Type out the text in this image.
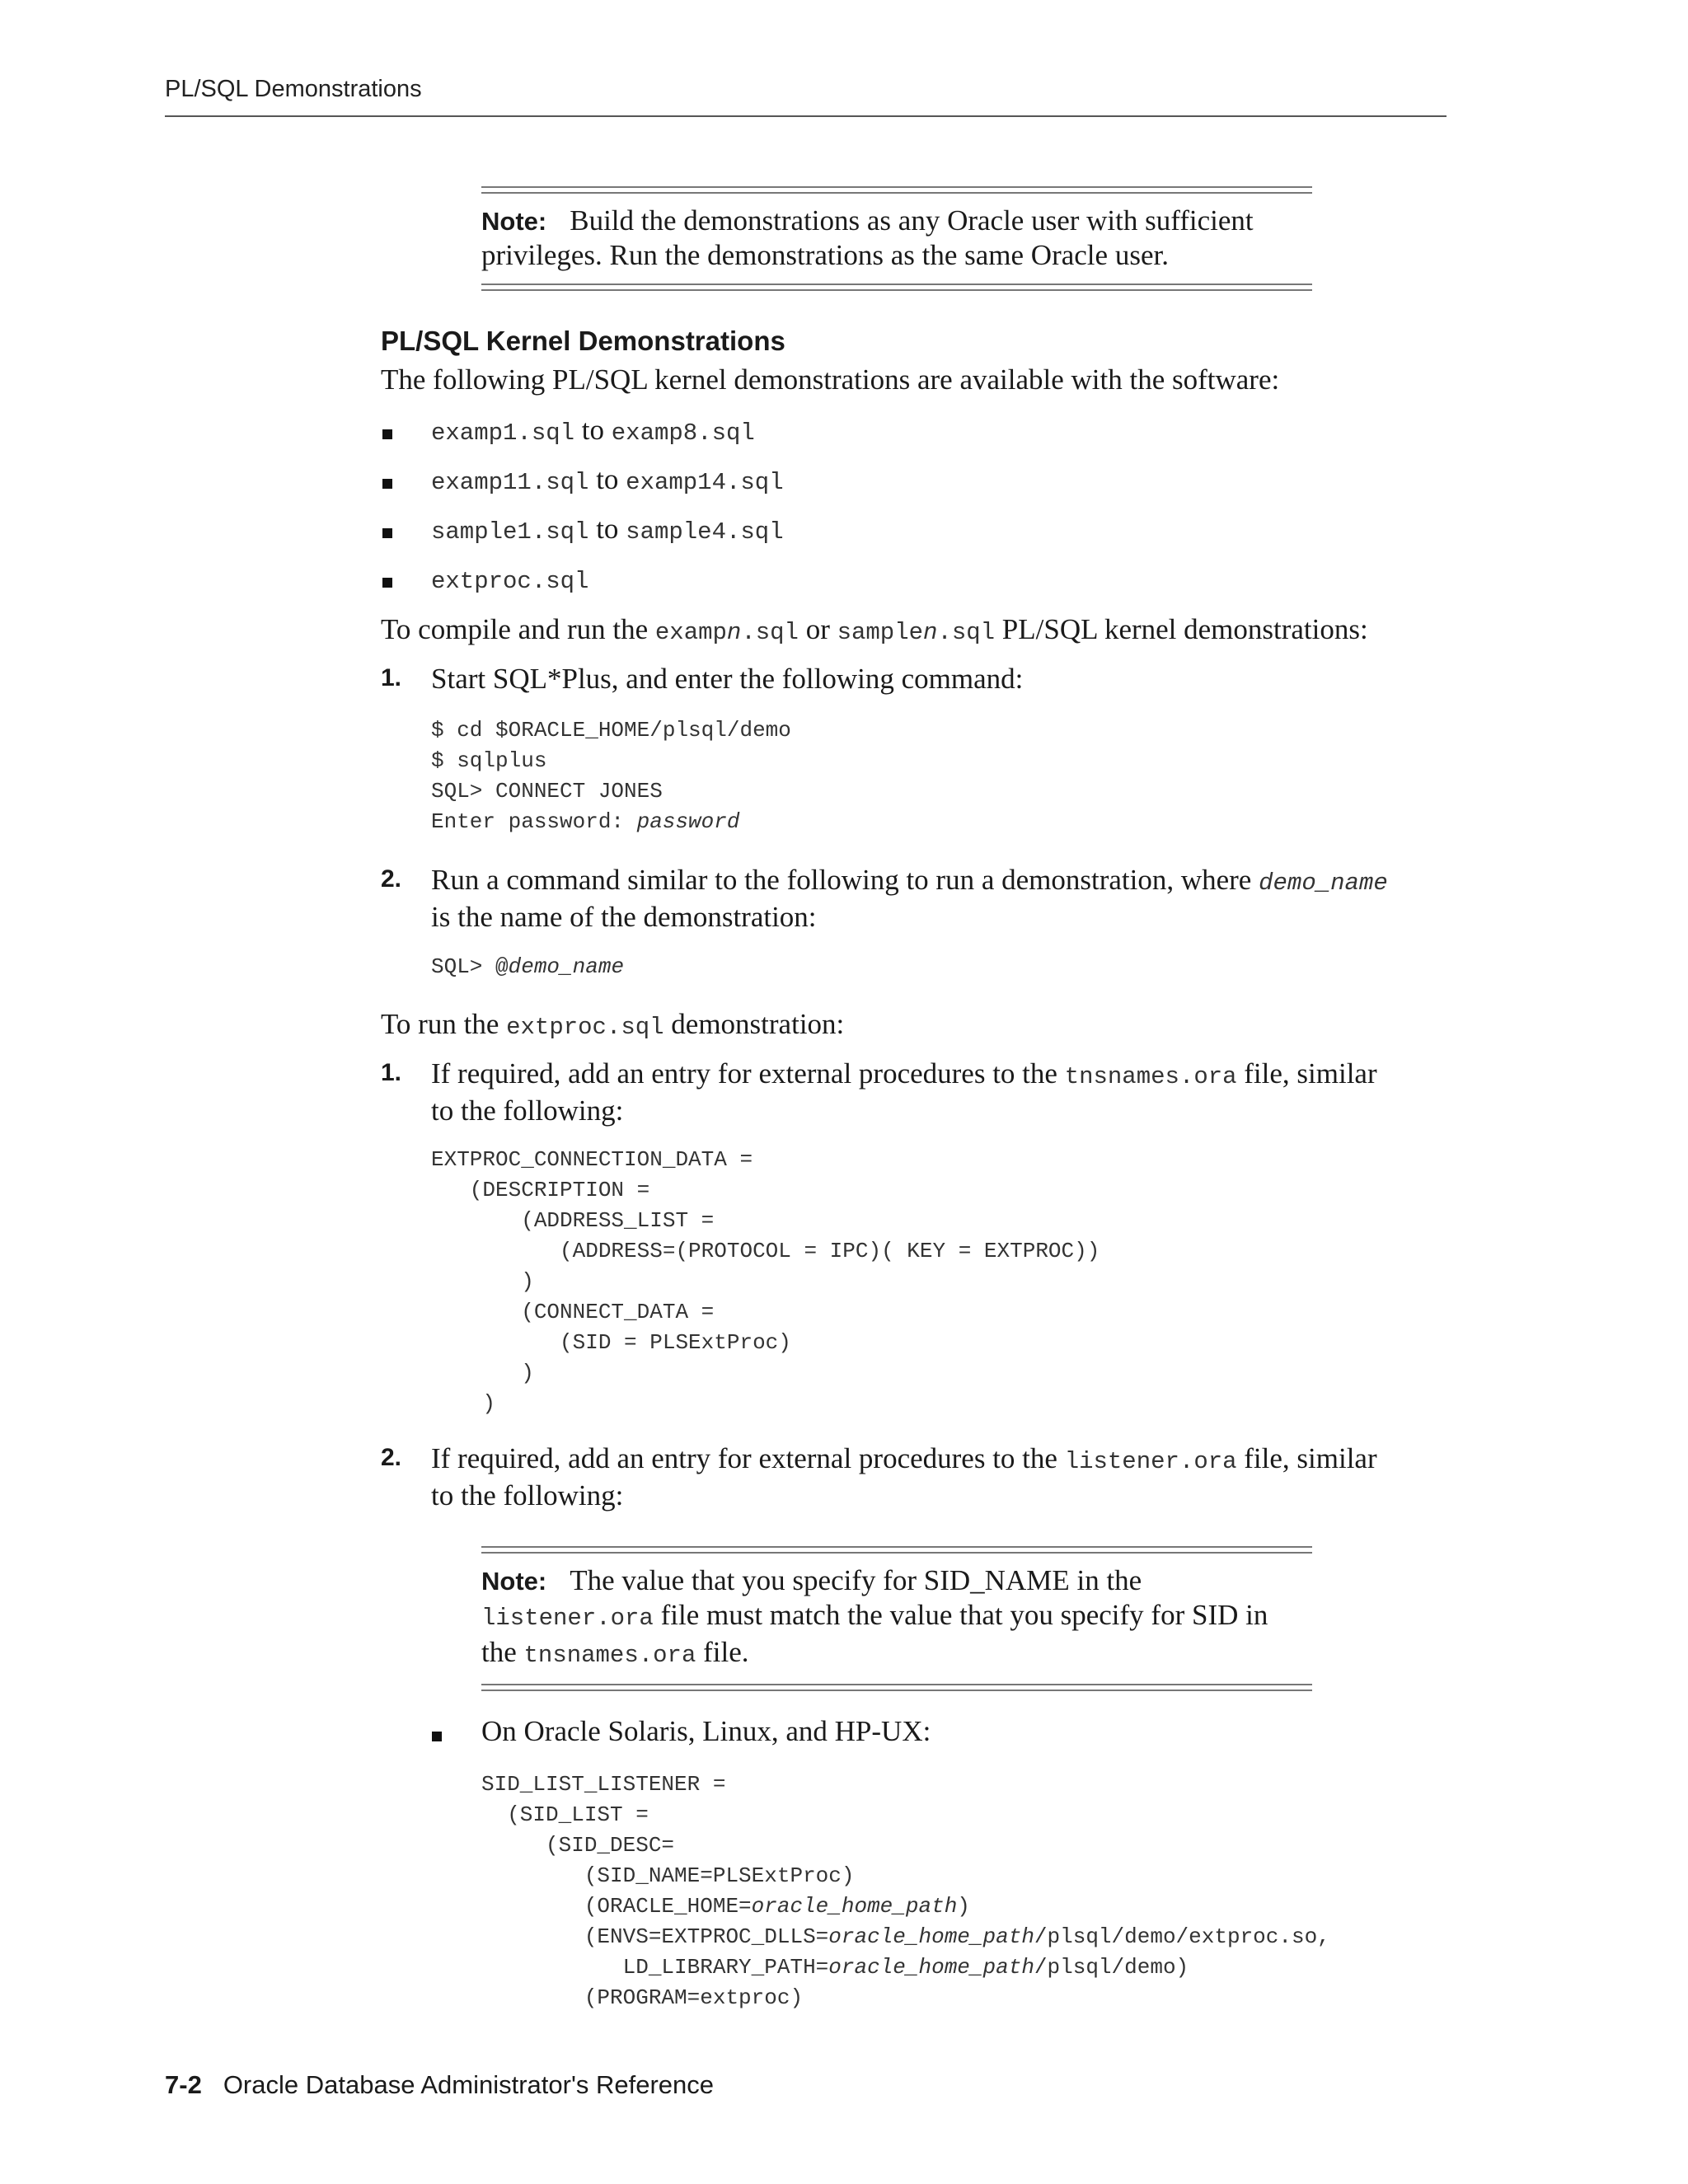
PL/SQL Demonstrations
Note: Build the demonstrations as any Oracle user with sufficient
privileges. Run the demonstrations as the same Oracle user.
PL/SQL Kernel Demonstrations
The following PL/SQL kernel demonstrations are available with the software:
examp1.sql to examp8.sql
examp11.sql to examp14.sql
sample1.sql to sample4.sql
extproc.sql
To compile and run the exampn.sql or samplen.sql PL/SQL kernel demonstrations:
1. Start SQL*Plus, and enter the following command:
$ cd $ORACLE_HOME/plsql/demo
$ sqlplus
SQL> CONNECT JONES
Enter password: password
2. Run a command similar to the following to run a demonstration, where demo_name
is the name of the demonstration:
SQL> @demo_name
To run the extproc.sql demonstration:
1. If required, add an entry for external procedures to the tnsnames.ora file, similar
to the following:
EXTPROC_CONNECTION_DATA =
(DESCRIPTION =
(ADDRESS_LIST =
(ADDRESS=(PROTOCOL = IPC)( KEY = EXTPROC))
)
(CONNECT_DATA =
(SID = PLSExtProc)
)
)
2. If required, add an entry for external procedures to the listener.ora file, similar
to the following:
Note: The value that you specify for SID_NAME in the
listener.ora file must match the value that you specify for SID in
the tnsnames.ora file.
On Oracle Solaris, Linux, and HP-UX:
SID_LIST_LISTENER =
(SID_LIST =
(SID_DESC=
(SID_NAME=PLSExtProc)
(ORACLE_HOME=oracle_home_path)
(ENVS=EXTPROC_DLLS=oracle_home_path/plsql/demo/extproc.so,
LD_LIBRARY_PATH=oracle_home_path/plsql/demo)
(PROGRAM=extproc)
7-2 Oracle Database Administrator's Reference
